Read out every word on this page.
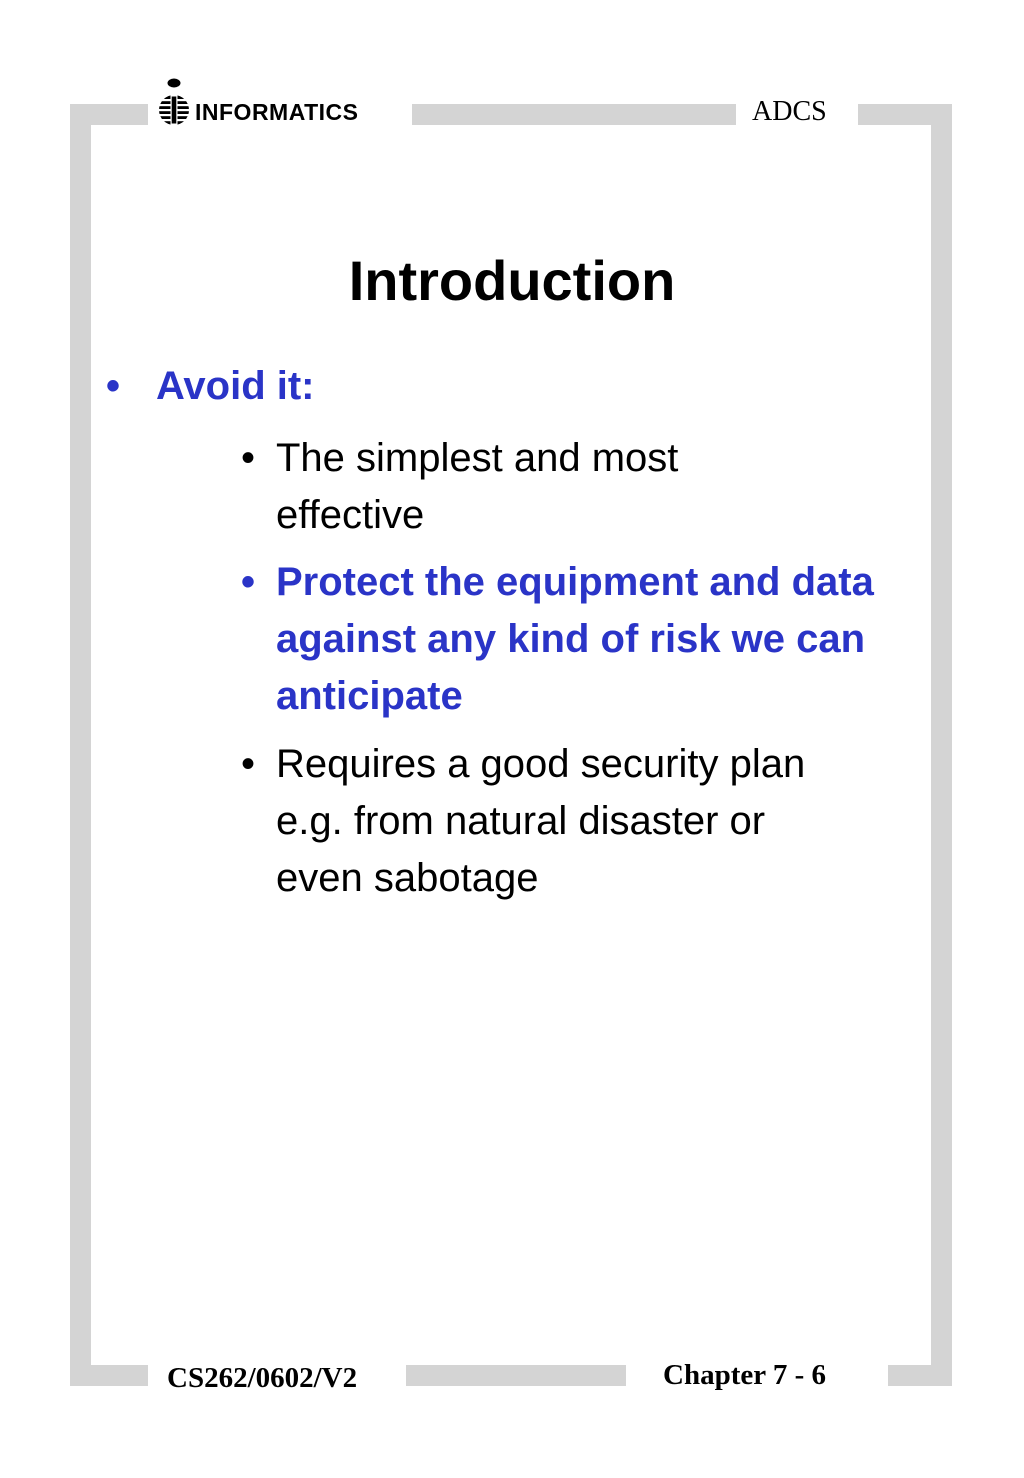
INFORMATICS	ADCS
Introduction
• Avoid it:
• The simplest and most effective
• Protect the equipment and data against any kind of risk we can anticipate
• Requires a good security plan e.g. from natural disaster or even sabotage
CS262/0602/V2	Chapter 7 - 6
